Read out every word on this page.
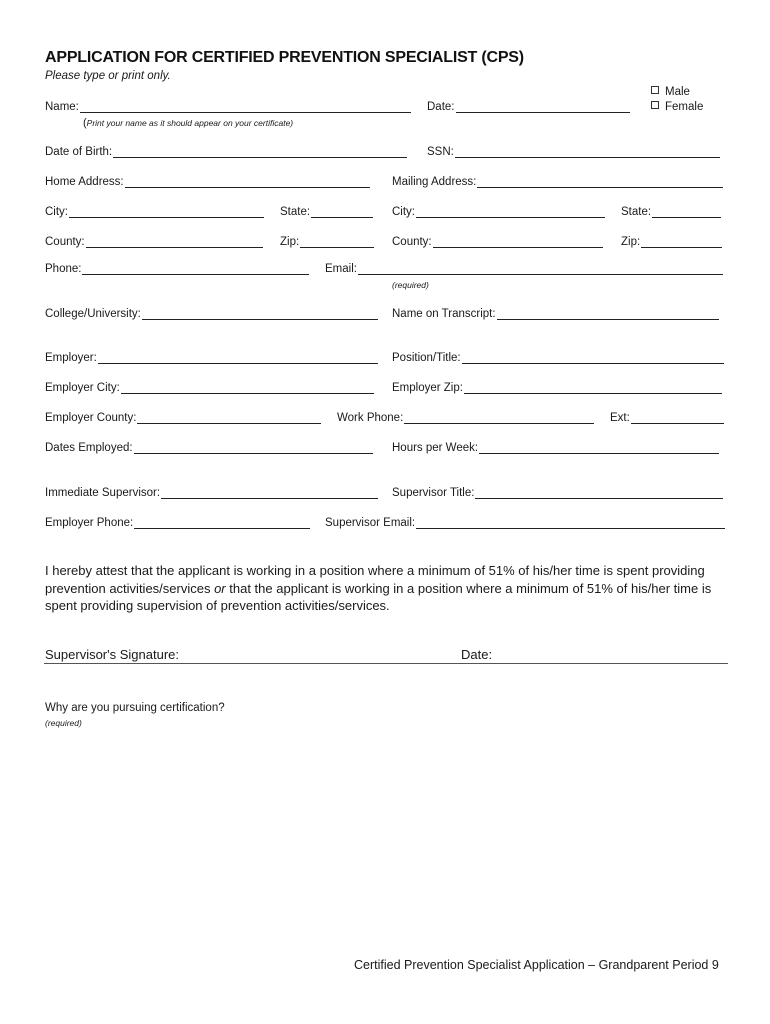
APPLICATION FOR CERTIFIED PREVENTION SPECIALIST (CPS)
Please type or print only.
Male
Female
Name:	Date:
(Print your name as it should appear on your certificate)
Date of Birth:	SSN:
Home Address:	Mailing Address:
City:	State:	City:	State:
County:	Zip:	County:	Zip:
Phone:	Email:
(required)
College/University:	Name on Transcript:
Employer:	Position/Title:
Employer City:	Employer Zip:
Employer County:	Work Phone:	Ext:
Dates Employed:	Hours per Week:
Immediate Supervisor:	Supervisor Title:
Employer Phone:	Supervisor Email:
I hereby attest that the applicant is working in a position where a minimum of 51% of his/her time is spent providing prevention activities/services or that the applicant is working in a position where a minimum of 51% of his/her time is spent providing supervision of prevention activities/services.
Supervisor's Signature:	Date:
Why are you pursuing certification?
(required)
Certified Prevention Specialist Application – Grandparent Period 9
